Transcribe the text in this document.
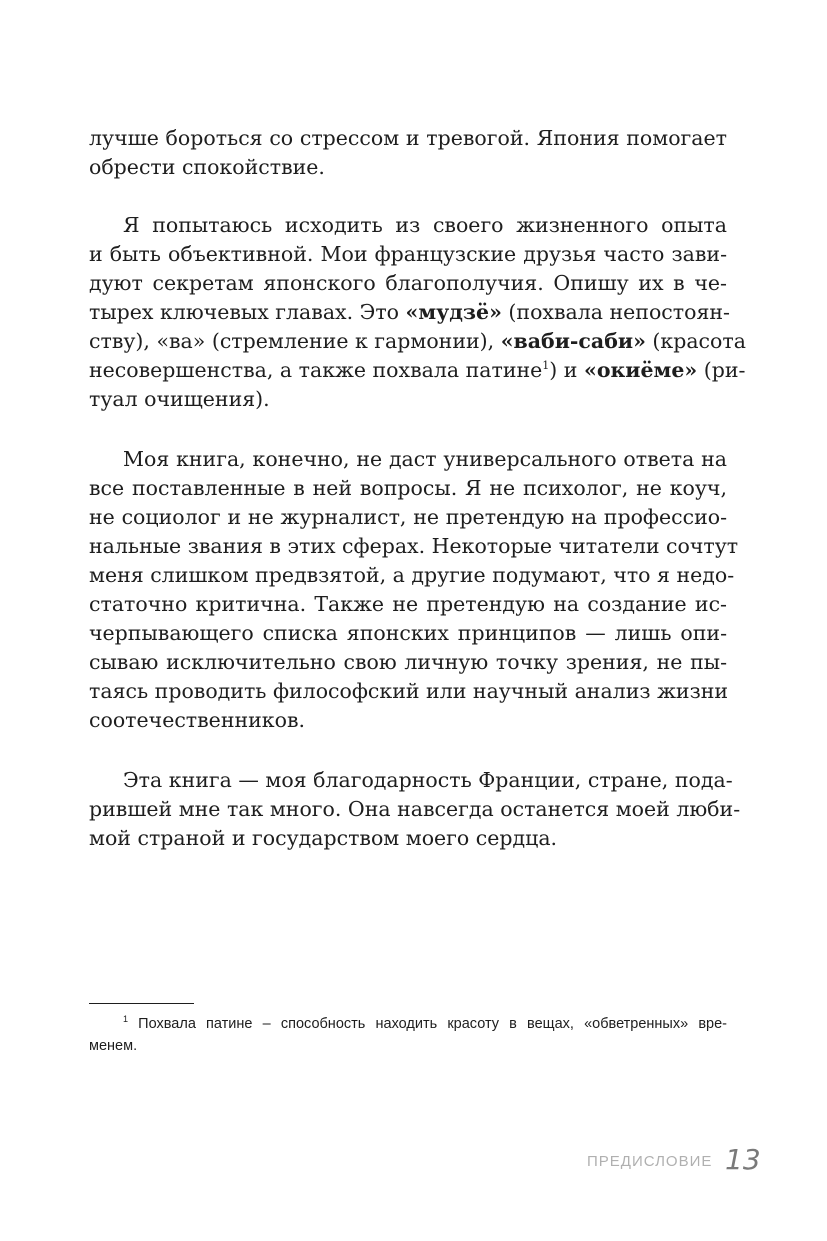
лучше бороться со стрессом и тревогой. Япония помогает
обрести спокойствие.
Я попытаюсь исходить из своего жизненного опыта
и быть объективной. Мои французские друзья часто зави-
дуют секретам японского благополучия. Опишу их в че-
тырех ключевых главах. Это «мудзё» (похвала непостоян-
ству), «ва» (стремление к гармонии), «ваби-саби» (красота
несовершенства, а также похвала патине$^1$) и «окиёме» (ри-
туал очищения).
Моя книга, конечно, не даст универсального ответа на
все поставленные в ней вопросы. Я не психолог, не коуч,
не социолог и не журналист, не претендую на профессио-
нальные звания в этих сферах. Некоторые читатели сочтут
меня слишком предвзятой, а другие подумают, что я недо-
статочно критична. Также не претендую на создание ис-
черпывающего списка японских принципов — лишь опи-
сываю исключительно свою личную точку зрения, не пы-
таясь проводить философский или научный анализ жизни
соотечественников.
Эта книга — моя благодарность Франции, стране, пода-
рившей мне так много. Она навсегда останется моей люби-
мой страной и государством моего сердца.
$^1$ Похвала патине – способность находить красоту в вещах, «обветренных» вре-
менем.
ПРЕДИСЛОВИЕ 13
